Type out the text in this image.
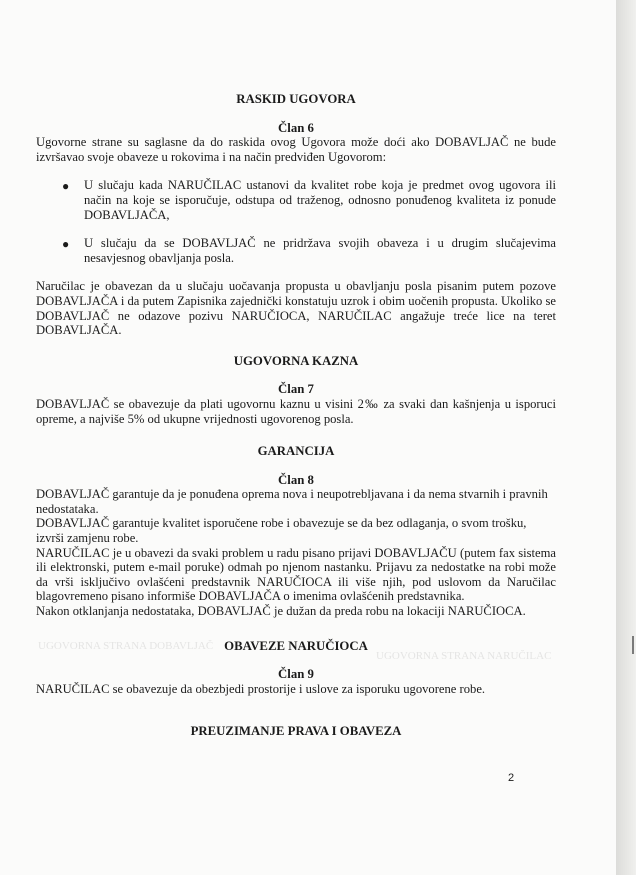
UGOVORNA STRANA DOBAVLJAČ
UGOVORNA STRANA NARUČILAC

RASKID UGOVORA

Član 6

Ugovorne strane su saglasne da do raskida ovog Ugovora može doći ako DOBAVLJAČ ne bude izvršavao svoje obaveze u rokovima i na način predviđen Ugovorom:

● U slučaju kada NARUČILAC ustanovi da kvalitet robe koja je predmet ovog ugovora ili način na koje se isporučuje, odstupa od traženog, odnosno ponuđenog kvaliteta iz ponude DOBAVLJAČA,
● U slučaju da se DOBAVLJAČ ne pridržava svojih obaveza i u drugim slučajevima nesavjesnog obavljanja posla.

Naručilac je obavezan da u slučaju uočavanja propusta u obavljanju posla pisanim putem pozove DOBAVLJAČA i da putem Zapisnika zajednički konstatuju uzrok i obim uočenih propusta. Ukoliko se DOBAVLJAČ ne odazove pozivu NARUČIOCA, NARUČILAC angažuje treće lice na teret DOBAVLJAČA.

UGOVORNA KAZNA

Član 7

DOBAVLJAČ se obavezuje da plati ugovornu kaznu u visini 2‰ za svaki dan kašnjenja u isporuci opreme, a najviše 5% od ukupne vrijednosti ugovorenog posla.

GARANCIJA

Član 8

DOBAVLJAČ garantuje da je ponuđena oprema nova i neupotrebljavana i da nema stvarnih i pravnih nedostataka.

DOBAVLJAČ garantuje kvalitet isporučene robe i obavezuje se da bez odlaganja, o svom trošku, izvrši zamjenu robe.

NARUČILAC je u obavezi da svaki problem u radu pisano prijavi DOBAVLJAČU (putem fax sistema ili elektronski, putem e-mail poruke) odmah po njenom nastanku. Prijavu za nedostatke na robi može da vrši isključivo ovlašćeni predstavnik NARUČIOCA ili više njih, pod uslovom da Naručilac blagovremeno pisano informiše DOBAVLJAČA o imenima ovlašćenih predstavnika.

Nakon otklanjanja nedostataka, DOBAVLJAČ je dužan da preda robu na lokaciji NARUČIOCA.

OBAVEZE NARUČIOCA

Član 9

NARUČILAC se obavezuje da obezbjedi prostorije i uslove za isporuku ugovorene robe.

PREUZIMANJE PRAVA I OBAVEZA

2
